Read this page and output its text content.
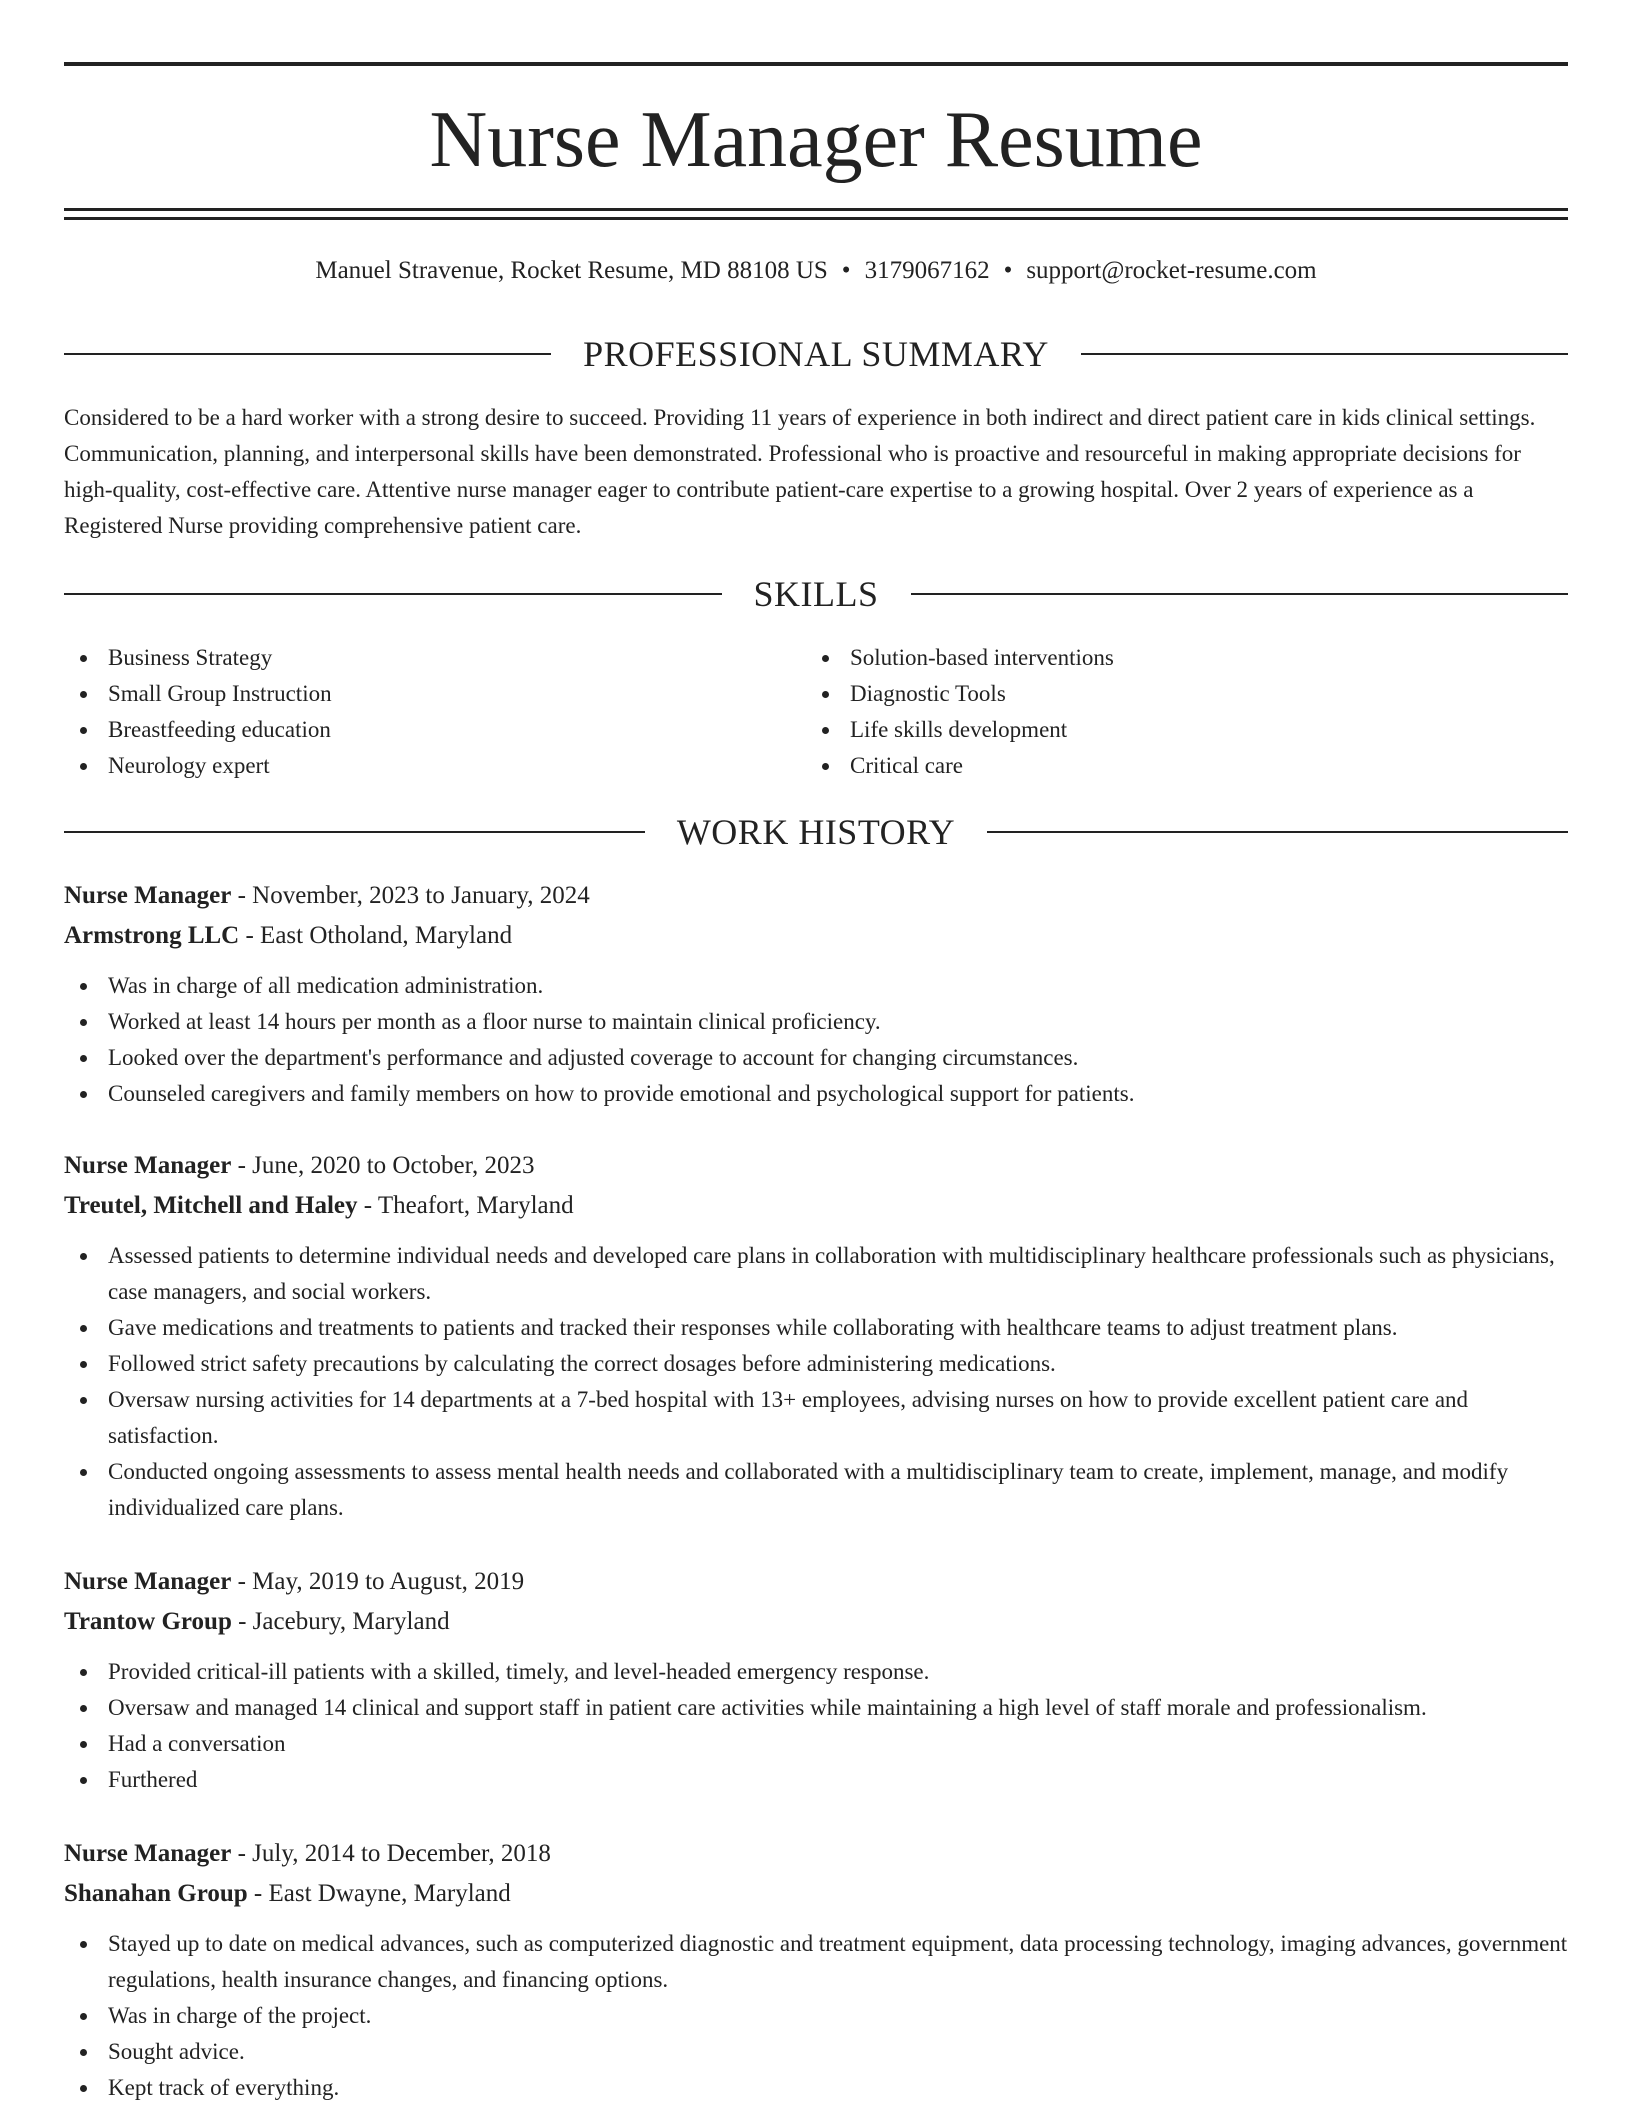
Nurse Manager Resume
Manuel Stravenue, Rocket Resume, MD 88108 US • 3179067162 • support@rocket-resume.com
PROFESSIONAL SUMMARY

Considered to be a hard worker with a strong desire to succeed. Providing 11 years of experience in both indirect and direct patient care in kids clinical settings. Communication, planning, and interpersonal skills have been demonstrated. Professional who is proactive and resourceful in making appropriate decisions for high-quality, cost-effective care. Attentive nurse manager eager to contribute patient-care expertise to a growing hospital. Over 2 years of experience as a Registered Nurse providing comprehensive patient care.

SKILLS
Business Strategy
Small Group Instruction
Breastfeeding education
Neurology expert
Solution-based interventions
Diagnostic Tools
Life skills development
Critical care
WORK HISTORY
Nurse Manager - November, 2023 to January, 2024
Armstrong LLC - East Otholand, Maryland
Was in charge of all medication administration.
Worked at least 14 hours per month as a floor nurse to maintain clinical proficiency.
Looked over the department's performance and adjusted coverage to account for changing circumstances.
Counseled caregivers and family members on how to provide emotional and psychological support for patients.
Nurse Manager - June, 2020 to October, 2023
Treutel, Mitchell and Haley - Theafort, Maryland
Assessed patients to determine individual needs and developed care plans in collaboration with multidisciplinary healthcare professionals such as physicians, case managers, and social workers.
Gave medications and treatments to patients and tracked their responses while collaborating with healthcare teams to adjust treatment plans.
Followed strict safety precautions by calculating the correct dosages before administering medications.
Oversaw nursing activities for 14 departments at a 7-bed hospital with 13+ employees, advising nurses on how to provide excellent patient care and satisfaction.
Conducted ongoing assessments to assess mental health needs and collaborated with a multidisciplinary team to create, implement, manage, and modify individualized care plans.
Nurse Manager - May, 2019 to August, 2019
Trantow Group - Jacebury, Maryland
Provided critical-ill patients with a skilled, timely, and level-headed emergency response.
Oversaw and managed 14 clinical and support staff in patient care activities while maintaining a high level of staff morale and professionalism.
Had a conversation
Furthered
Nurse Manager - July, 2014 to December, 2018
Shanahan Group - East Dwayne, Maryland
Stayed up to date on medical advances, such as computerized diagnostic and treatment equipment, data processing technology, imaging advances, government regulations, health insurance changes, and financing options.
Was in charge of the project.
Sought advice.
Kept track of everything.
